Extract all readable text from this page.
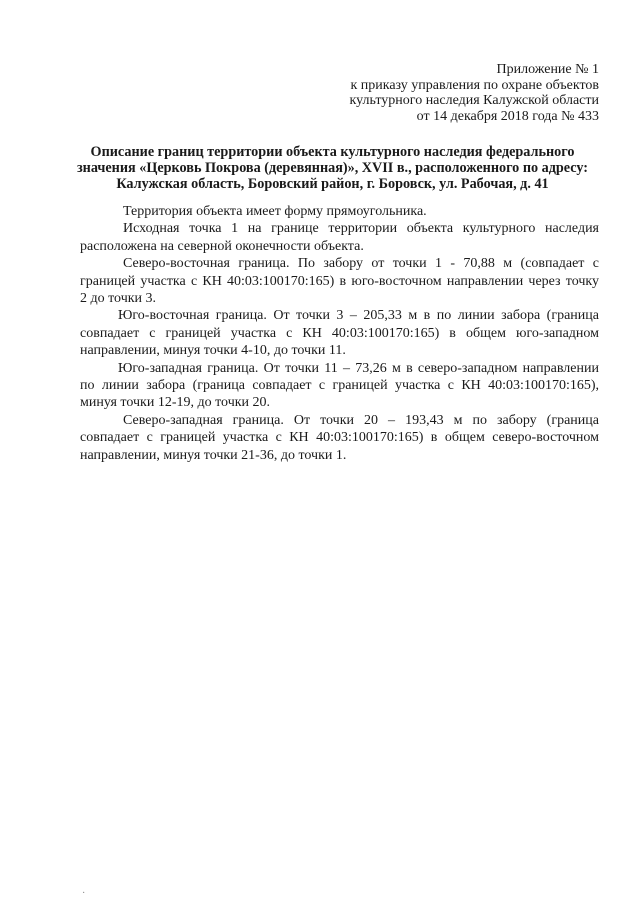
Приложение № 1
к приказу управления по охране объектов
культурного наследия Калужской области
от 14 декабря 2018 года № 433
Описание границ территории объекта культурного наследия федерального
значения «Церковь Покрова (деревянная)», XVII в., расположенного по адресу:
Калужская область, Боровский район, г. Боровск, ул. Рабочая, д. 41

Территория объекта имеет форму прямоугольника.

Исходная точка 1 на границе территории объекта культурного наследия
расположена на северной оконечности объекта.

Северо-восточная граница. По забору от точки 1 - 70,88 м (совпадает с
границей участка с КН 40:03:100170:165) в юго-восточном направлении через точку
2 до точки 3.

Юго-восточная граница. От точки 3 – 205,33 м в по линии забора (граница
совпадает с границей участка с КН 40:03:100170:165) в общем юго-западном
направлении, минуя точки 4-10, до точки 11.

Юго-западная граница. От точки 11 – 73,26 м в северо-западном направлении
по линии забора (граница совпадает с границей участка с КН 40:03:100170:165),
минуя точки 12-19, до точки 20.

Северо-западная граница. От точки 20 – 193,43 м по забору (граница
совпадает с границей участка с КН 40:03:100170:165) в общем северо-восточном
направлении, минуя точки 21-36, до точки 1.

·
